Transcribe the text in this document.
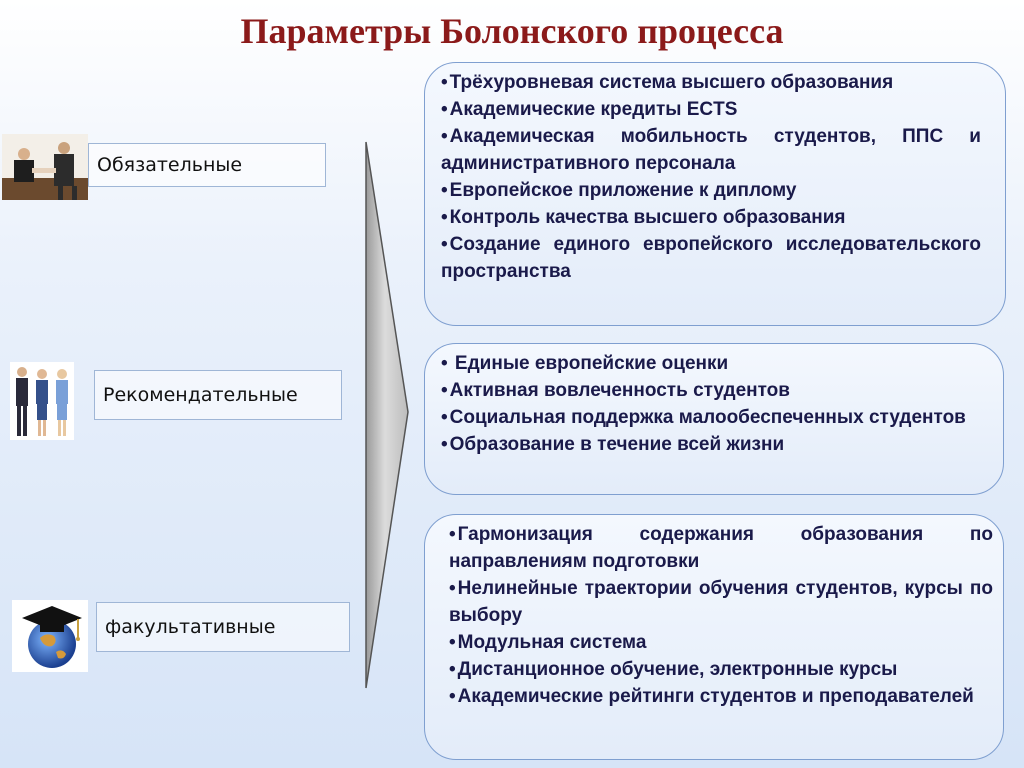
Параметры Болонского процесса
Обязательные
Рекомендательные
факультативные
• Трёхуровневая система высшего образования
• Академические кредиты ECTS
• Академическая мобильность студентов, ППС и административного персонала
• Европейское приложение к диплому
• Контроль качества высшего образования
• Создание единого европейского исследовательского пространства
• Единые европейские оценки
• Активная вовлеченность студентов
• Социальная поддержка малообеспеченных студентов
• Образование в течение всей жизни
• Гармонизация содержания образования по направлениям подготовки
• Нелинейные траектории обучения студентов, курсы по выбору
• Модульная система
• Дистанционное обучение, электронные курсы
• Академические рейтинги студентов и преподавателей
